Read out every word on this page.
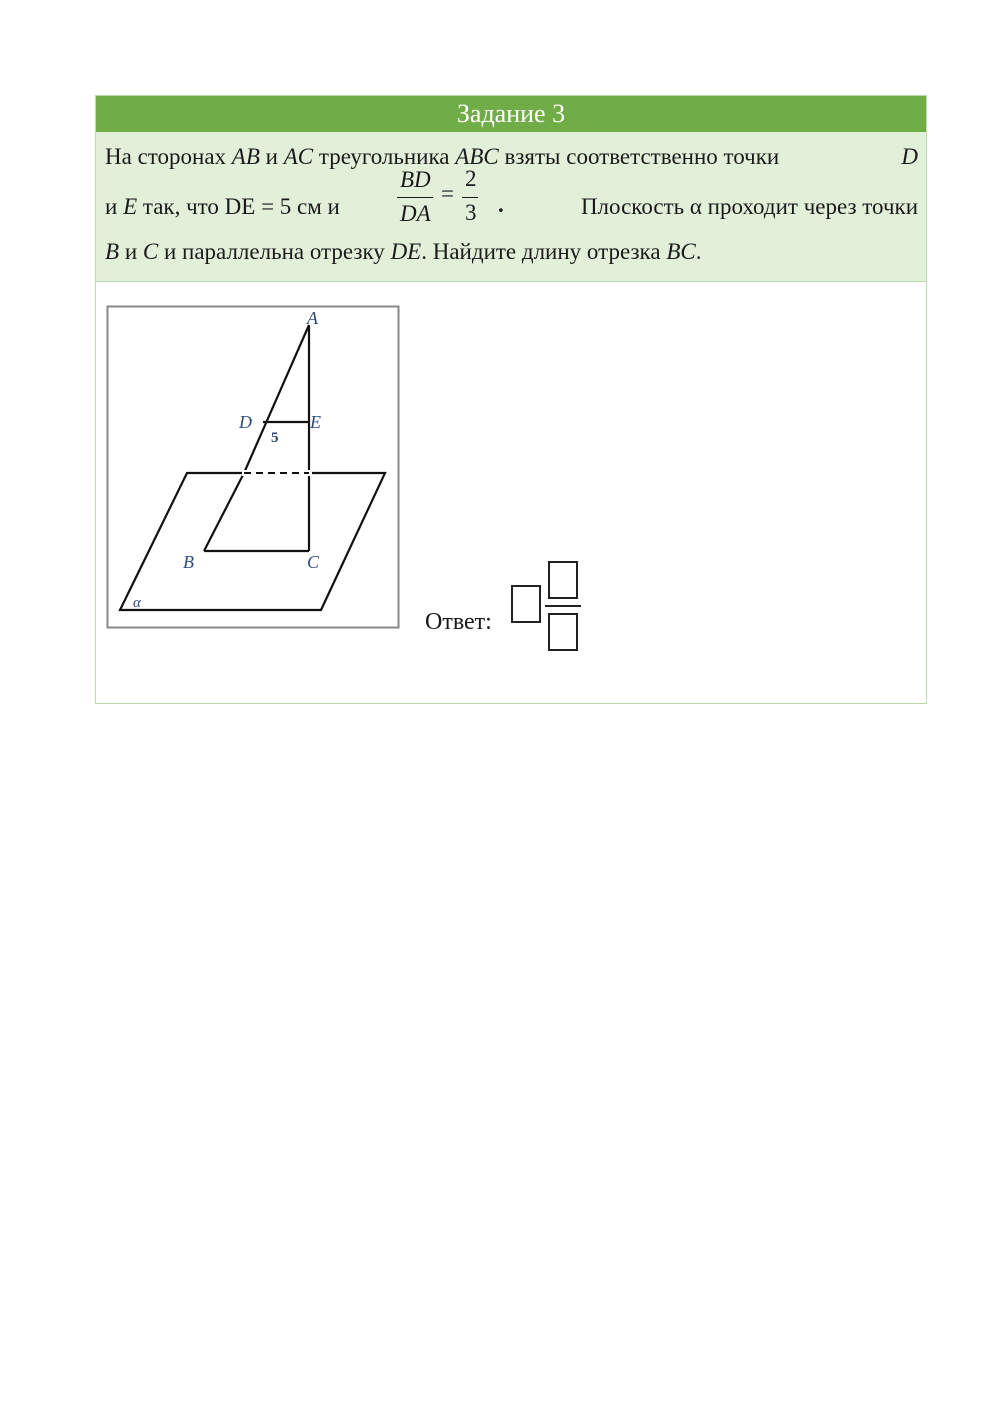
Задание 3
На сторонах AB и AC треугольника ABC взяты соответственно точки	D
и E так, что DE = 5 см и
BD
DA
=
2
3 .	Плоскость α проходит через точки
B и C и параллельна отрезку DE. Найдите длину отрезка BC.
A
D	E
B	C
α
5
Ответ:
